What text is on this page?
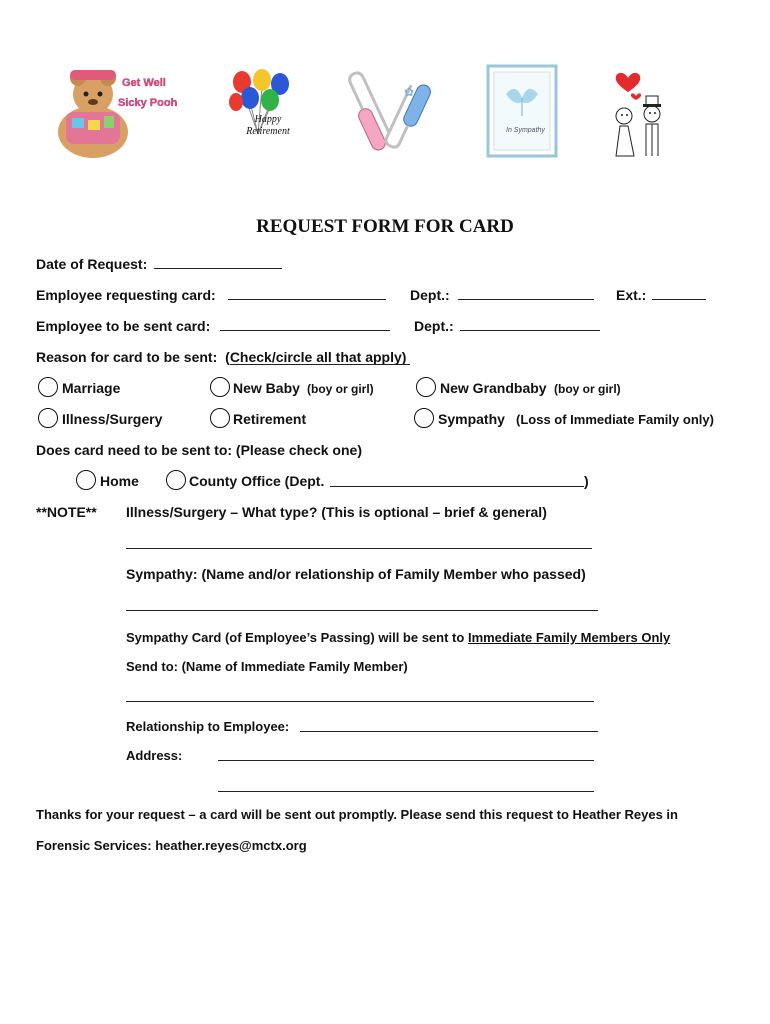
Get Well
Sicky Pooh
Happy Retirement
✿
In Sympathy
REQUEST FORM FOR CARD
Date of Request:
Employee requesting card:	Dept.:	Ext.:
Employee to be sent card:	Dept.:
Reason for card to be sent: (Check/circle all that apply)
Marriage	New Baby (boy or girl)	New Grandbaby (boy or girl)
Illness/Surgery	Retirement	Sympathy (Loss of Immediate Family only)
Does card need to be sent to: (Please check one)
Home	County Office (Dept.	)
**NOTE** Illness/Surgery – What type? (This is optional – brief & general)
Sympathy: (Name and/or relationship of Family Member who passed)
Sympathy Card (of Employee’s Passing) will be sent to Immediate Family Members Only
Send to: (Name of Immediate Family Member)
Relationship to Employee:
Address:
Thanks for your request – a card will be sent out promptly. Please send this request to Heather Reyes in
Forensic Services: heather.reyes@mctx.org
